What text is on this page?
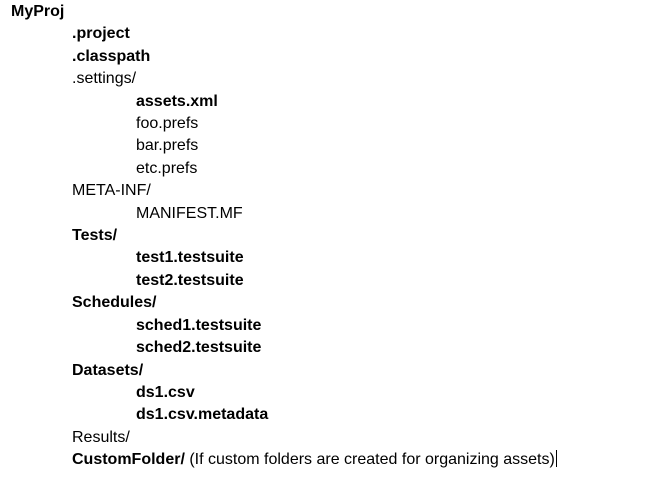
MyProj
.project
.classpath
.settings/
assets.xml
foo.prefs
bar.prefs
etc.prefs
META-INF/
MANIFEST.MF
Tests/
test1.testsuite
test2.testsuite
Schedules/
sched1.testsuite
sched2.testsuite
Datasets/
ds1.csv
ds1.csv.metadata
Results/
CustomFolder/ (If custom folders are created for organizing assets)
